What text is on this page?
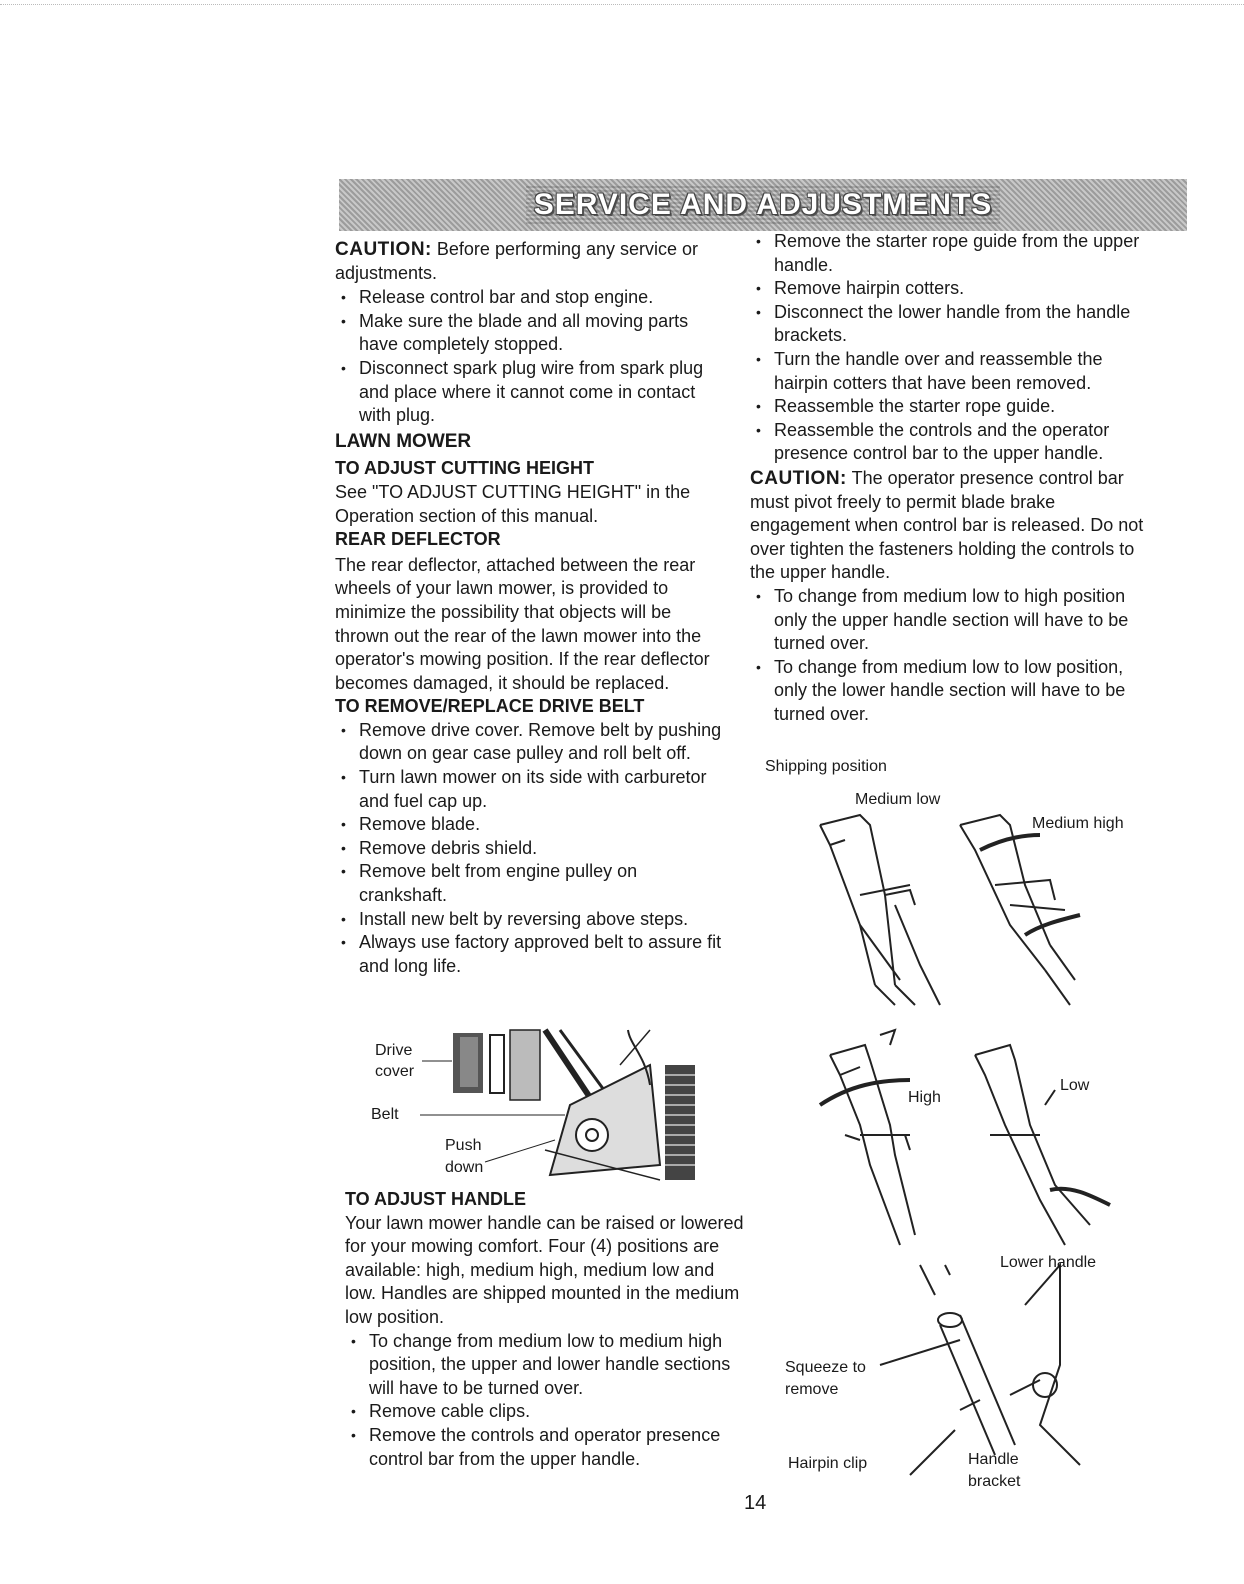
SERVICE AND ADJUSTMENTS

CAUTION: Before performing any service or adjustments.

• Release control bar and stop engine.
• Make sure the blade and all moving parts have completely stopped.
• Disconnect spark plug wire from spark plug and place where it cannot come in contact with plug.

LAWN MOWER

TO ADJUST CUTTING HEIGHT

See "TO ADJUST CUTTING HEIGHT" in the Operation section of this manual.

REAR DEFLECTOR

The rear deflector, attached between the rear wheels of your lawn mower, is provided to minimize the possibility that objects will be thrown out the rear of the lawn mower into the operator's mowing position. If the rear deflector becomes damaged, it should be replaced.

TO REMOVE/REPLACE DRIVE BELT

• Remove drive cover. Remove belt by pushing down on gear case pulley and roll belt off.
• Turn lawn mower on its side with carburetor and fuel cap up.
• Remove blade.
• Remove debris shield.
• Remove belt from engine pulley on crankshaft.
• Install new belt by reversing above steps.
• Always use factory approved belt to assure fit and long life.
Drive
cover
Belt
Push
down

TO ADJUST HANDLE

Your lawn mower handle can be raised or lowered for your mowing comfort. Four (4) positions are available: high, medium high, medium low and low. Handles are shipped mounted in the medium low position.

• To change from medium low to medium high position, the upper and lower handle sections will have to be turned over.
• Remove cable clips.
• Remove the controls and operator presence control bar from the upper handle.
• Remove the starter rope guide from the upper handle.
• Remove hairpin cotters.
• Disconnect the lower handle from the handle brackets.
• Turn the handle over and reassemble the hairpin cotters that have been removed.
• Reassemble the starter rope guide.
• Reassemble the controls and the operator presence control bar to the upper handle.

CAUTION: The operator presence control bar must pivot freely to permit blade brake engagement when control bar is released. Do not over tighten the fasteners holding the controls to the upper handle.

• To change from medium low to high position only the upper handle section will have to be turned over.
• To change from medium low to low position, only the lower handle section will have to be turned over.
Shipping position
Medium low
Medium high
High
Low
Lower handle
Squeeze to
remove
Hairpin clip	Handle
bracket
14
